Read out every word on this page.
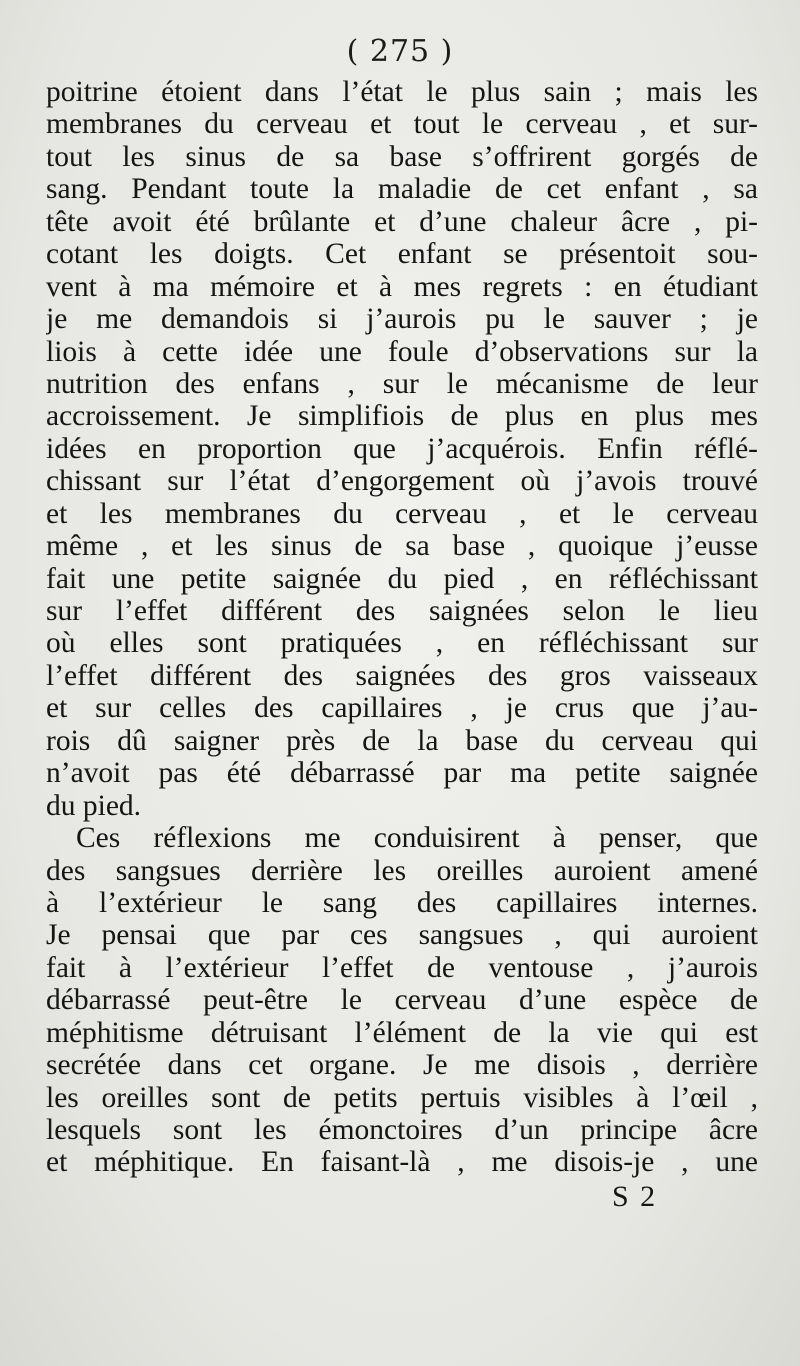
( 275 )
poitrine étoient dans l’état le plus sain ; mais les
membranes du cerveau et tout le cerveau , et sur-
tout les sinus de sa base s’offrirent gorgés de
sang. Pendant toute la maladie de cet enfant , sa
tête avoit été brûlante et d’une chaleur âcre , pi-
cotant les doigts. Cet enfant se présentoit sou-
vent à ma mémoire et à mes regrets : en étudiant
je me demandois si j’aurois pu le sauver ; je
liois à cette idée une foule d’observations sur la
nutrition des enfans , sur le mécanisme de leur
accroissement. Je simplifiois de plus en plus mes
idées en proportion que j’acquérois. Enfin réflé-
chissant sur l’état d’engorgement où j’avois trouvé
et les membranes du cerveau , et le cerveau
même , et les sinus de sa base , quoique j’eusse
fait une petite saignée du pied , en réfléchissant
sur l’effet différent des saignées selon le lieu
où elles sont pratiquées , en réfléchissant sur
l’effet différent des saignées des gros vaisseaux
et sur celles des capillaires , je crus que j’au-
rois dû saigner près de la base du cerveau qui
n’avoit pas été débarrassé par ma petite saignée
du pied.
Ces réflexions me conduisirent à penser, que
des sangsues derrière les oreilles auroient amené
à l’extérieur le sang des capillaires internes.
Je pensai que par ces sangsues , qui auroient
fait à l’extérieur l’effet de ventouse , j’aurois
débarrassé peut-être le cerveau d’une espèce de
méphitisme détruisant l’élément de la vie qui est
secrétée dans cet organe. Je me disois , derrière
les oreilles sont de petits pertuis visibles à l’œil ,
lesquels sont les émonctoires d’un principe âcre
et méphitique. En faisant-là , me disois-je , une
S 2
